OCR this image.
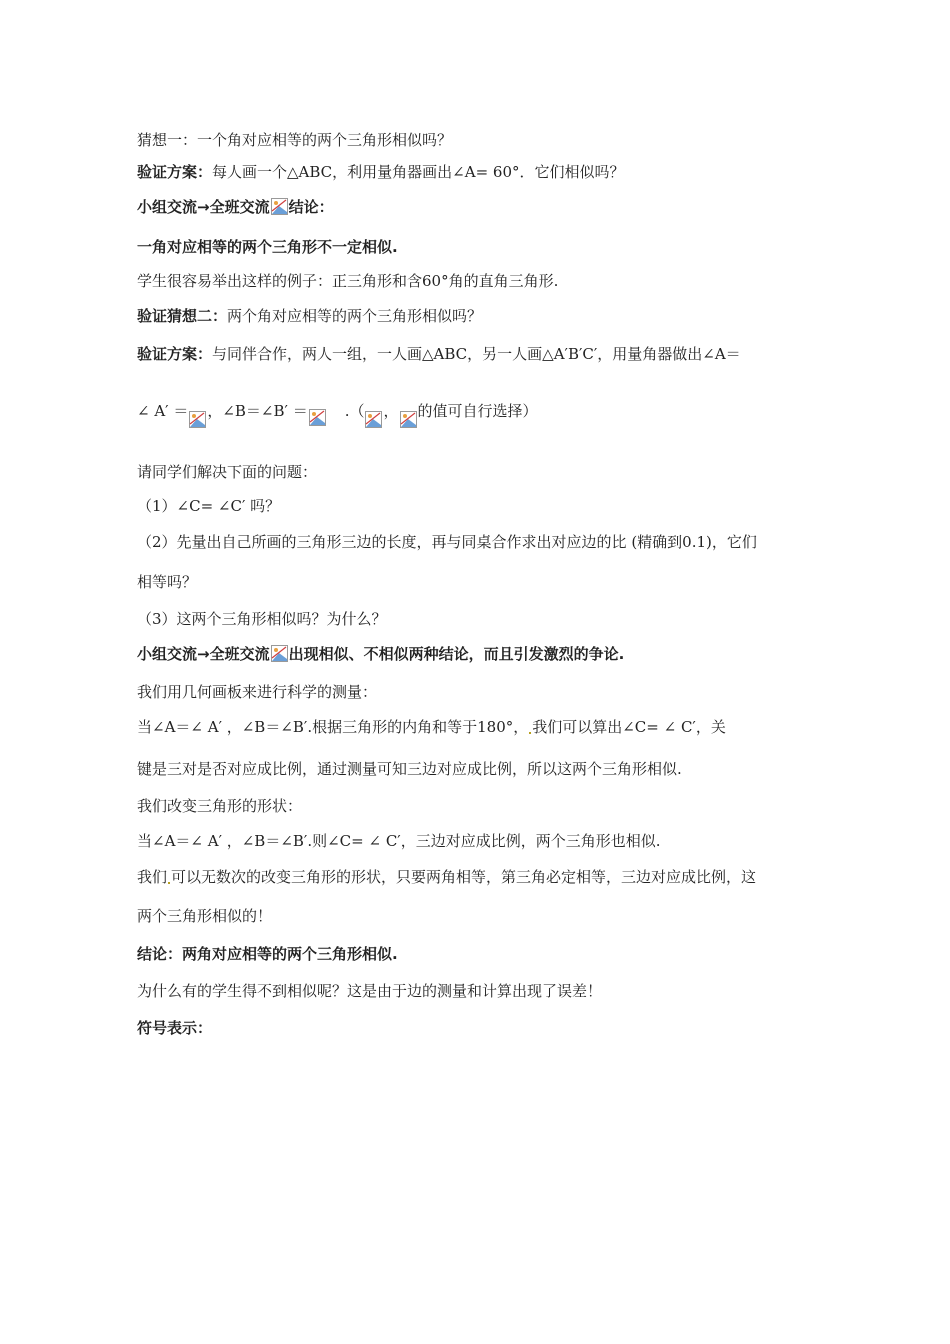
猜想一：一个角对应相等的两个三角形相似吗？
验证方案：每人画一个△ABC，利用量角器画出∠A= 60°．它们相似吗？
小组交流→全班交流 结论：
一角对应相等的两个三角形不一定相似.
学生很容易举出这样的例子：正三角形和含60°角的直角三角形.
验证猜想二：两个角对应相等的两个三角形相似吗？
验证方案：与同伴合作，两人一组，一人画△ABC，另一人画△A′B′C′，用量角器做出∠A＝
∠ A′ ＝ ，∠B＝∠B′ ＝ .（ ， 的值可自行选择）
请同学们解决下面的问题：
（1）∠C= ∠C′ 吗？
（2）先量出自己所画的三角形三边的长度，再与同桌合作求出对应边的比 (精确到0.1)，它们
相等吗？
（3）这两个三角形相似吗？为什么？
小组交流→全班交流 出现相似、不相似两种结论，而且引发激烈的争论.
我们用几何画板来进行科学的测量：
当∠A＝∠ A′ ，∠B＝∠B′.根据三角形的内角和等于180°， 我们可以算出∠C= ∠ C′，关
键是三对是否对应成比例，通过测量可知三边对应成比例，所以这两个三角形相似.
我们改变三角形的形状：
当∠A＝∠ A′ ，∠B＝∠B′.则∠C= ∠ C′，三边对应成比例，两个三角形也相似.
我们 可以无数次的改变三角形的形状，只要两角相等，第三角必定相等，三边对应成比例，这
两个三角形相似的！
结论：两角对应相等的两个三角形相似.
为什么有的学生得不到相似呢？这是由于边的测量和计算出现了误差！
符号表示：
